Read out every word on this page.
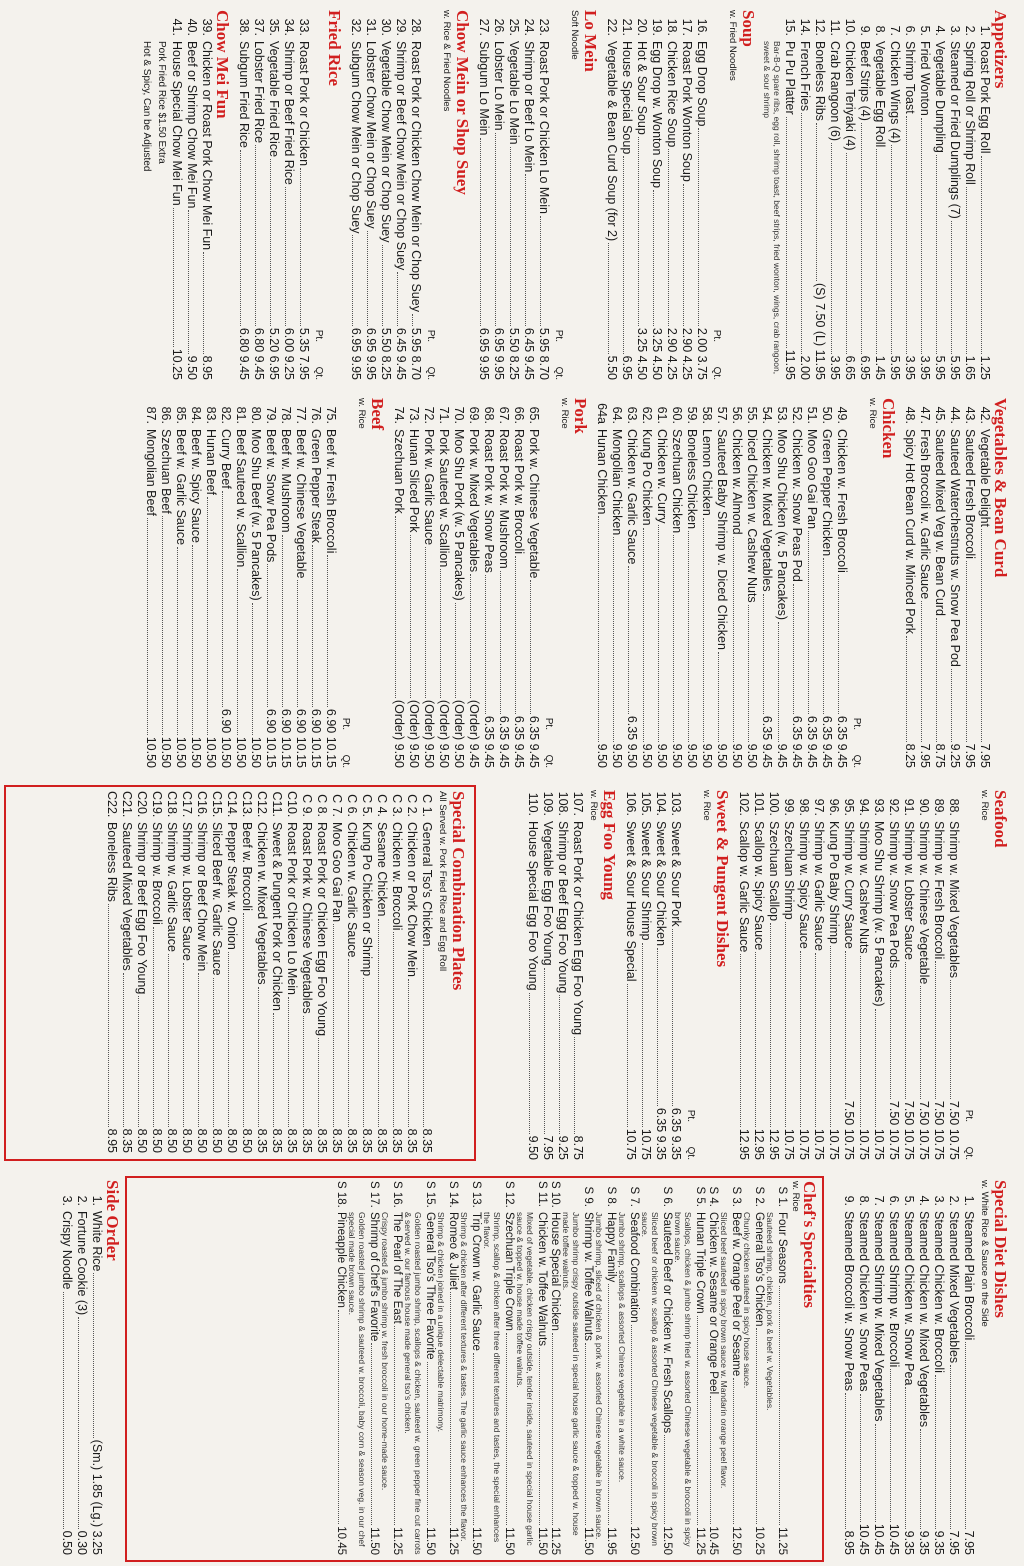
Appetizers
1.
Roast Pork Egg Roll
1.25
2.
Spring Roll or Shrimp Roll
1.65
3.
Steamed or Fried Dumplings (7)
5.95
4.
Vegetable Dumpling
5.95
5.
Fried Wonton
3.95
6.
Shrimp Toast
3.95
7.
Chicken Wings (4)
5.95
8.
Vegetable Egg Roll
1.45
9.
Beef Strips (4)
6.95
10.
Chicken Teriyaki (4)
6.65
11.
Crab Rangoon (6)
3.95
12.
Boneless Ribs
(S) 7.50 (L) 11.95
14.
French Fries
2.00
15.
Pu Pu Platter
11.95
Bar-B-Q spare ribs, egg roll, shrimp toast, beef strips, fried wonton, wings, crab rangoon, sweet & sour shrimp
Soup
w. Fried Noodles
Pt.
Qt.
16.
Egg Drop Soup
2.00 3.75
17.
Roast Pork Wonton Soup
2.90 4.25
18.
Chicken Rice Soup
2.90 4.25
19.
Egg Drop w. Wonton Soup
3.25 4.50
20.
Hot & Sour Soup
3.25 4.50
21.
House Special Soup
6.95
22.
Vegetable & Bean Curd Soup (for 2)
5.50
Lo Mein
Soft Noodle
Pt.
Qt.
23.
Roast Pork or Chicken Lo Mein
5.95 8.70
24.
Shrimp or Beef Lo Mein
6.45 9.45
25.
Vegetable Lo Mein
5.50 8.25
26.
Lobster Lo Mein
6.95 9.95
27.
Subgum Lo Mein
6.95 9.95
Chow Mein or Shop Suey
w. Rice & Fried Noodles
Pt.
Qt.
28.
Roast Pork or Chicken Chow Mein or Chop Suey
5.95 8.70
29.
Shrimp or Beef Chow Mein or Chop Suey
6.45 9.45
30.
Vegetable Chow Mein or Chop Suey
5.50 8.25
31.
Lobster Chow Mein or Chop Suey
6.95 9.95
32.
Subgum Chow Mein or Chop Suey
6.95 9.95
Fried Rice
Pt.
Qt.
33.
Roast Pork or Chicken
5.35 7.95
34.
Shrimp or Beef Fried Rice
6.00 9.25
35.
Vegetable Fried Rice
5.20 6.95
37.
Lobster Fried Rice
6.80 9.45
38.
Subgum Fried Rice
6.80 9.45
Chow Mei Fun
39.
Chicken or Roast Pork Chow Mei Fun
8.95
40.
Beef or Shrimp Chow Mei Fun
9.50
41.
House Special Chow Mei Fun
10.25
Pork Fried Rice $1.50 Extra
Hot & Spicy, Can be Adjusted
Vegetables & Bean Curd
42.
Vegetable Delight
7.95
43.
Sauteed Fresh Broccoli
7.95
44.
Sauteed Waterchestnuts w. Snow Pea Pod
9.25
45.
Sauteed Mixed Veg w. Bean Curd
8.75
47.
Fresh Broccoli w. Garlic Sauce
7.95
48.
Spicy Hot Bean Curd w. Minced Pork
8.25
Chicken
w. Rice
Pt.
Qt.
49.
Chicken w. Fresh Broccoli
6.35 9.45
50.
Green Pepper Chicken
6.35 9.45
51.
Moo Goo Gai Pan
6.35 9.45
52.
Chicken w. Snow Peas Pod
6.35 9.45
53.
Moo Shu Chicken (w. 5 Pancakes)
9.45
54.
Chicken w. Mixed Vegetables
6.35 9.45
55.
Diced Chicken w. Cashew Nuts
9.50
56.
Chicken w. Almond
9.50
57.
Sauteed Baby Shrimp w. Diced Chicken
9.50
58.
Lemon Chicken
9.50
59.
Boneless Chicken
9.50
60.
Szechuan Chicken
9.50
61.
Chicken w. Curry
9.50
62.
Kung Po Chicken
9.50
63.
Chicken w. Garlic Sauce
6.35 9.50
64.
Mongolian Chicken
9.50
64a
Hunan Chicken
9.50
Pork
w. Rice
Pt.
Qt.
65.
Pork w. Chinese Vegetable
6.35 9.45
66.
Roast Pork w. Broccoli
6.35 9.45
67.
Roast Pork w. Mushroom
6.35 9.45
68.
Roast Pork w. Snow Peas
6.35 9.45
69.
Pork w. Mixed Vegetables
(Order) 9.45
70.
Moo Shu Pork (w. 5 Pancakes)
(Order) 9.50
71.
Pork Sauteed w. Scallion
(Order) 9.50
72.
Pork w. Garlic Sauce
(Order) 9.50
73.
Hunan Sliced Pork
(Order) 9.50
74.
Szechuan Pork
(Order) 9.50
Beef
w. Rice
Pt.
Qt.
75.
Beef w. Fresh Broccoli
6.90 10.15
76.
Green Pepper Steak
6.90 10.15
77.
Beef w. Chinese Vegetable
6.90 10.15
78.
Beef w. Mushroom
6.90 10.15
79.
Beef w. Snow Pea Pods
6.90 10.15
80.
Moo Shu Beef (w. 5 Pancakes)
10.50
81.
Beef Sauteed w. Scallion
10.50
82.
Curry Beef
6.90 10.50
83.
Hunan Beef
10.50
84.
Beef w. Spicy Sauce
10.50
85.
Beef w. Garlic Sauce
10.50
86.
Szechuan Beef
10.50
87.
Mongolian Beef
10.50
Seafood
w. Rice
Pt.
Qt.
88.
Shrimp w. Mixed Vegetables
7.50 10.75
89.
Shrimp w. Fresh Broccoli
7.50 10.75
90.
Shrimp w. Chinese Vegetable
7.50 10.75
91.
Shrimp w. Lobster Sauce
7.50 10.75
92.
Shrimp w. Snow Pea Pods
7.50 10.75
93.
Moo Shu Shrimp (w. 5 Pancakes)
10.75
94.
Shrimp w. Cashew Nuts
10.75
95.
Shrimp w. Curry Sauce
7.50 10.75
96.
Kung Po Baby Shrimp
10.75
97.
Shrimp w. Garlic Sauce
10.75
98.
Shrimp w. Spicy Sauce
10.75
99.
Szechuan Shrimp
10.75
100.
Szechuan Scallop
12.95
101.
Scallop w. Spicy Sauce
12.95
102.
Scallop w. Garlic Sauce
12.95
Sweet & Pungent Dishes
w. Rice
Pt.
Qt.
103.
Sweet & Sour Pork
6.35 9.35
104.
Sweet & Sour Chicken
6.35 9.35
105.
Sweet & Sour Shrimp
10.75
106.
Sweet & Sour House Special
10.75
Egg Foo Young
w. Rice
107.
Roast Pork or Chicken Egg Foo Young
8.75
108.
Shrimp or Beef Egg Foo Young
9.25
109.
Vegetable Egg Foo Young
7.95
110.
House Special Egg Foo Young
9.50
Special Combination Plates
All Served w. Pork Fried Rice and Egg Roll
C 1.
General Tso's Chicken
8.35
C 2.
Chicken or Pork Chow Mein
8.35
C 3.
Chicken w. Broccoli
8.35
C 4.
Sesame Chicken
8.35
C 5.
Kung Po Chicken or Shrimp
8.35
C 6.
Chicken w. Garlic Sauce
8.35
C 7.
Moo Goo Gai Pan
8.35
C 8.
Roast Pork or Chicken Egg Foo Young
8.35
C 9.
Roast Pork w. Chinese Vegetables
8.35
C10.
Roast Pork or Chicken Lo Mein
8.35
C11.
Sweet & Pungent Pork or Chicken
8.35
C12.
Chicken w. Mixed Vegetables
8.35
C13.
Beef w. Broccoli
8.50
C14.
Pepper Steak w. Onion
8.50
C15.
Sliced Beef w. Garlic Sauce
8.50
C16.
Shrimp or Beef Chow Mein
8.50
C17.
Shrimp w. Lobster Sauce
8.50
C18.
Shrimp w. Garlic Sauce
8.50
C19.
Shrimp w. Broccoli
8.50
C20.
Shrimp or Beef Egg Foo Young
8.50
C21.
Sauteed Mixed Vegetables
8.35
C22.
Boneless Ribs
8.95
Special Diet Dishes
w. White Rice & Sauce on the Side
1.
Steamed Plain Broccoli
7.95
2.
Steamed Mixed Vegetables
7.95
3.
Steamed Chicken w. Broccoli
9.35
4.
Steamed Chicken w. Mixed Vegetables
9.35
5.
Steamed Chicken w. Snow Pea
9.35
6.
Steamed Shrimp w. Broccoli
10.45
7.
Steamed Shrimp w. Mixed Vegetables
10.45
8.
Steamed Chicken w. Snow Peas
10.45
9.
Steamed Broccoli w. Snow Peas
8.95
Chef's Specialties
w. Rice
S 1.
Four Seasons
11.25
Sauteed shrimp, chicken, pork & beef w. Vegetables.
S 2.
General Tso's Chicken
10.25
Chunky chicken sauteed in spicy house sauce.
S 3.
Beef w. Orange Peel or Sesame
12.50
Sliced beef sauteed in spicy brown sauce w. Mandarin orange peel flavor.
S 4.
Chicken w. Sesame or Orange Peel
10.45
S 5.
Hunan Triple Crown
11.25
Scallops, chicken & jumbo shrimp fried w. assorted Chinese vegetable & broccoli in spicy brown sauce.
S 6.
Sauteed Beef or Chicken w. Fresh Scallops
12.50
Sliced beef or chicken w. scallop & assorted Chinese vegetable & broccoli in spicy brown sauce.
S 7.
Seafood Combination
12.50
Jumbo shrimp, scallops & assorted Chinese vegetable in a white sauce.
S 8.
Happy Family
11.95
Jumbo shrimp, sliced of chicken & pork w. assorted Chinese vegetable in brown sauce.
S 9.
Shrimp w. Toffee Walnuts
11.50
Jumbo shrimp crispy outside sauteed in special house garlic sauce & topped w. house made toffee walnuts.
S 10.
House Special Chicken
11.25
S 11.
Chicken w. Toffee Walnuts
11.50
Mixed of vegetable, chicken crispy outside, tender inside, sauteed in special house garlic sauce & topped w. house made toffee walnuts.
S 12.
Szechuan Triple Crown
11.50
Shrimp, scallop & chicken after three different textures and tastes, the special enhances the flavor.
S 13.
Trip Crown w. Garlic Sauce
11.50
Shrimp & chicken after different textures & tastes. The garlic sauce enhances the flavor.
S 14.
Romeo & Juliet
11.25
Shrimp & chicken joined in a unique delectable matrimony.
S 15.
General Tso's Three Favorite
11.50
Golden roasted jumbo shrimp, scallops & chicken, sauteed w. green pepper fine cut carrots & served w. our famous house made general tso's chicken.
S 16.
The Pearl of The East
11.25
Crispy roasted & jumbo shrimp w. fresh broccoli in our home-made sauce.
S 17.
Shrimp of Chef's Favorite
11.50
Golden roasted jumbo shrimp & sauteed w. broccoli, baby corn & season veg. in our chef special made brown sauce.
S 18.
Pineapple Chicken
10.45
Side Order
1.
White Rice
(Sm.) 1.85 (Lg.) 3.25
2.
Fortune Cookie (3)
0.30
3.
Crispy Noodle
0.50
